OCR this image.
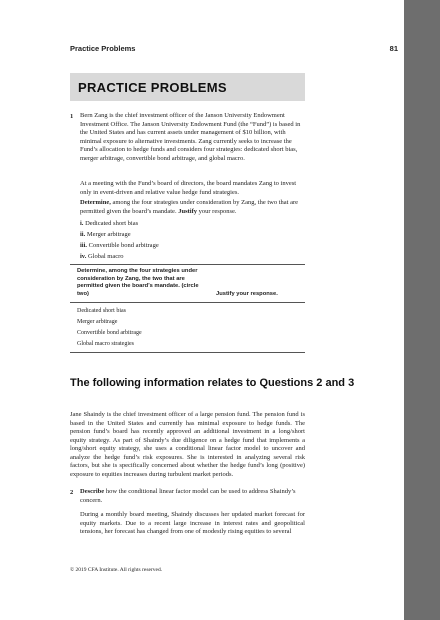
Practice Problems	81
PRACTICE PROBLEMS
1 Bern Zang is the chief investment officer of the Janson University Endowment Investment Office. The Janson University Endowment Fund (the “Fund”) is based in the United States and has current assets under management of $10 billion, with minimal exposure to alternative investments. Zang currently seeks to increase the Fund’s allocation to hedge funds and considers four strategies: dedicated short bias, merger arbitrage, convertible bond arbitrage, and global macro.
At a meeting with the Fund’s board of directors, the board mandates Zang to invest only in event-driven and relative value hedge fund strategies.
Determine, among the four strategies under consideration by Zang, the two that are permitted given the board’s mandate. Justify your response.
i. Dedicated short bias
ii. Merger arbitrage
iii. Convertible bond arbitrage
iv. Global macro
Determine, among the four strategies under consideration by Zang, the two that are permitted given the board’s mandate. (circle two)	Justify your response.
Dedicated short bias
Merger arbitrage
Convertible bond arbitrage
Global macro strategies
The following information relates to Questions 2 and 3
Jane Shaindy is the chief investment officer of a large pension fund. The pension fund is based in the United States and currently has minimal exposure to hedge funds. The pension fund’s board has recently approved an additional investment in a long/short equity strategy. As part of Shaindy’s due diligence on a hedge fund that implements a long/short equity strategy, she uses a conditional linear factor model to uncover and analyze the hedge fund’s risk exposures. She is interested in analyzing several risk factors, but she is specifically concerned about whether the hedge fund’s long (positive) exposure to equities increases during turbulent market periods.
2 Describe how the conditional linear factor model can be used to address Shaindy’s concern.
During a monthly board meeting, Shaindy discusses her updated market forecast for equity markets. Due to a recent large increase in interest rates and geopolitical tensions, her forecast has changed from one of modestly rising equities to several
© 2019 CFA Institute. All rights reserved.
